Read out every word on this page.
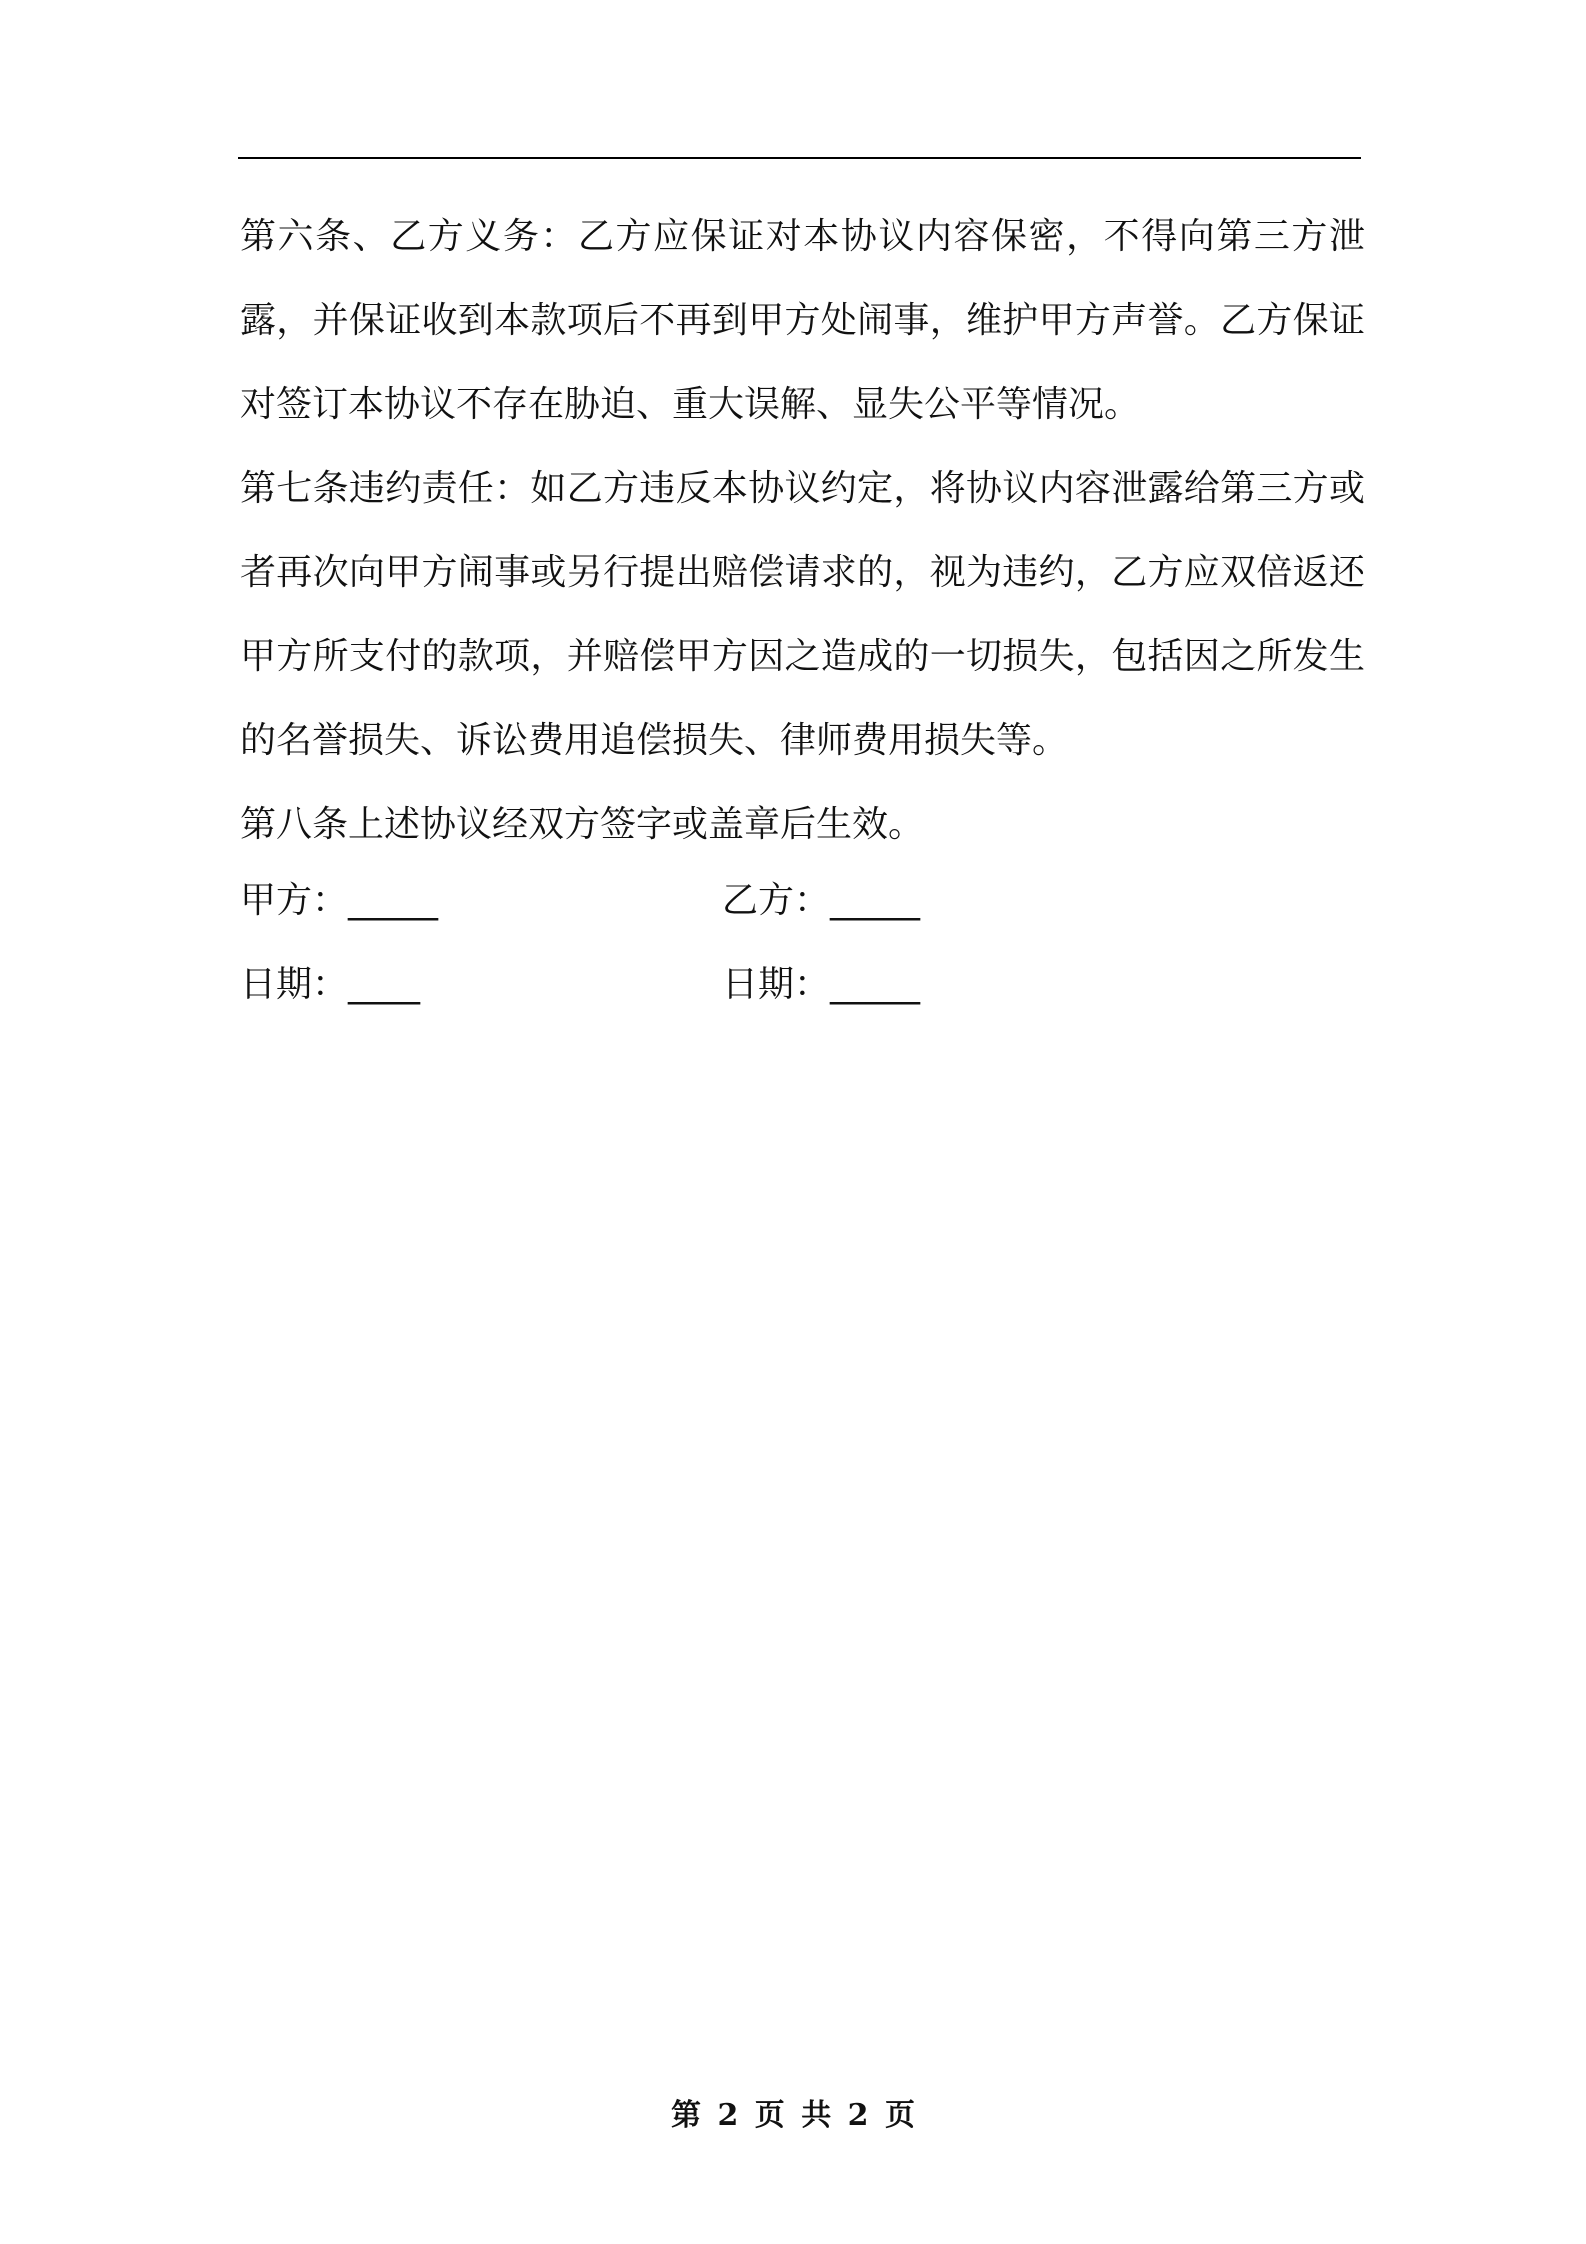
第六条、乙方义务：乙方应保证对本协议内容保密，不得向第三方泄露，并保证收到本款项后不再到甲方处闹事，维护甲方声誉。乙方保证对签订本协议不存在胁迫、重大误解、显失公平等情况。

第七条违约责任：如乙方违反本协议约定，将协议内容泄露给第三方或者再次向甲方闹事或另行提出赔偿请求的，视为违约，乙方应双倍返还甲方所支付的款项，并赔偿甲方因之造成的一切损失，包括因之所发生的名誉损失、诉讼费用追偿损失、律师费用损失等。

第八条上述协议经双方签字或盖章后生效。

甲方：_____	乙方：_____
日期：____	日期：_____
第 2 页 共 2 页
